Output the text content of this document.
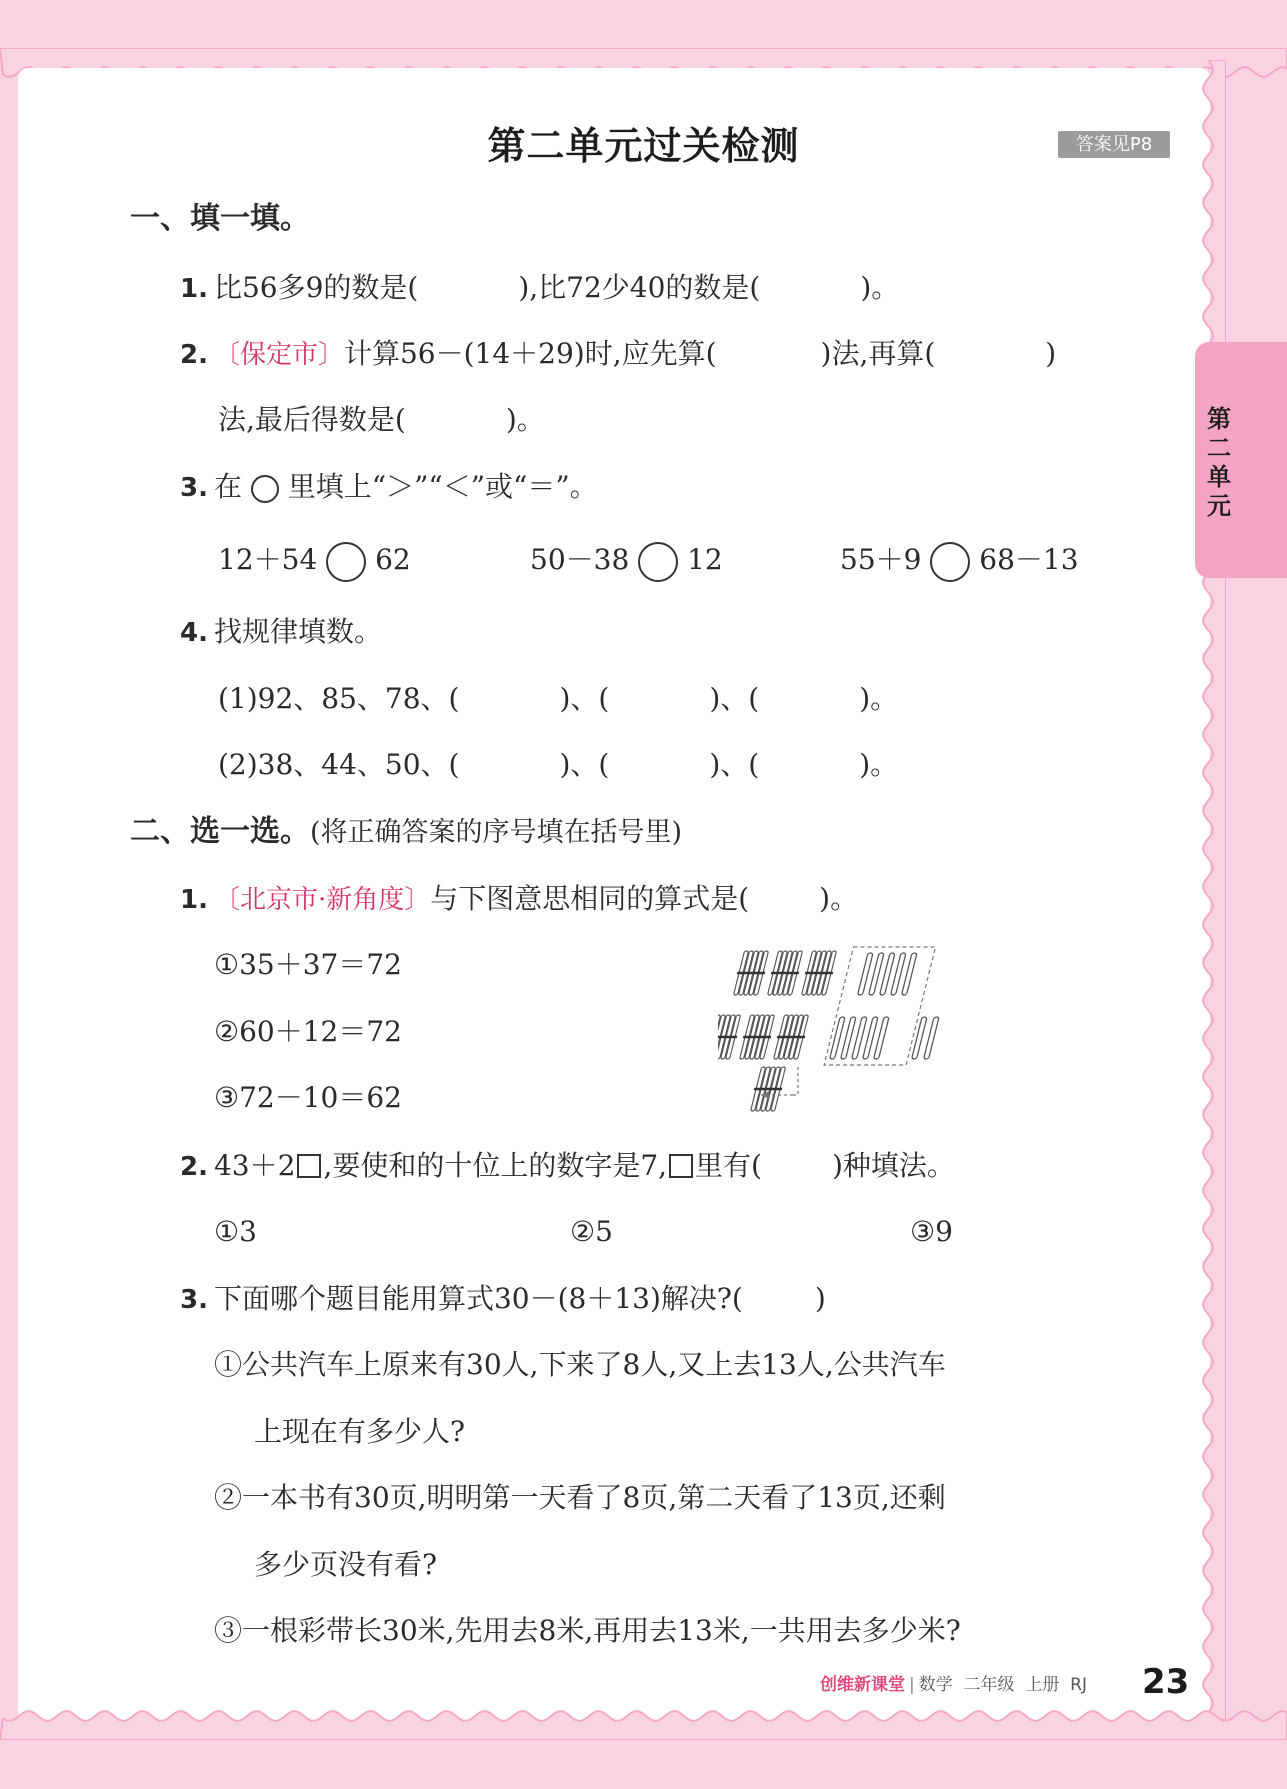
第二单元过关检测	答案见P8
第二单元
一、填一填。
1. 比56多9的数是(	),比72少40的数是(	)。
2. 〔保定市〕计算56－(14＋29)时,应先算(	)法,再算(	)
法,最后得数是(	)。
3. 在 里填上“＞”“＜”或“＝”。
12＋54 62	50－38 12	55＋9 68－13
4. 找规律填数。
(1)92、85、78、(	)、(	)、(	)。
(2)38、44、50、(	)、(	)、(	)。
二、选一选。(将正确答案的序号填在括号里)
1. 〔北京市·新角度〕与下图意思相同的算式是(	)。
①35＋37＝72
②60＋12＝72
③72－10＝62
2. 43＋2 ,要使和的十位上的数字是7, 里有(	)种填法。
①3	②5	③9
3. 下面哪个题目能用算式30－(8＋13)解决?(	)
①公共汽车上原来有30人,下来了8人,又上去13人,公共汽车
上现在有多少人?
②一本书有30页,明明第一天看了8页,第二天看了13页,还剩
多少页没有看?
③一根彩带长30米,先用去8米,再用去13米,一共用去多少米?
创维新课堂 | 数学 二年级 上册 RJ 23
